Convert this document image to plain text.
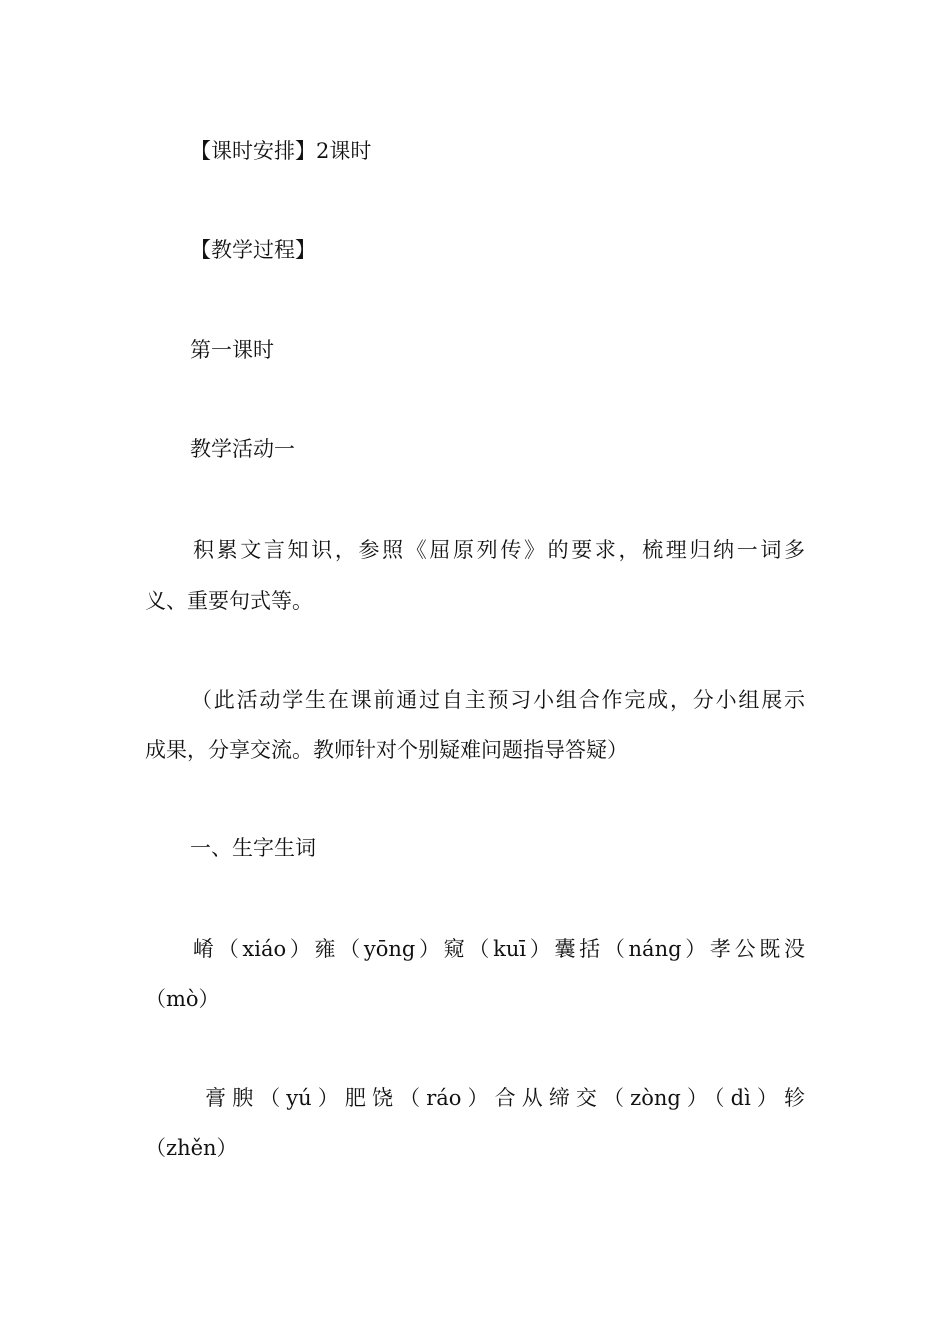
【课时安排】2课时
【教学过程】
第一课时
教学活动一
积累文言知识，参照《屈原列传》的要求，梳理归纳一词多
义、重要句式等。
（此活动学生在课前通过自主预习小组合作完成，分小组展示
成果，分享交流。教师针对个别疑难问题指导答疑）
一、生字生词
崤（xiáo）雍（yōng）窥（kuī）囊括（náng）孝公既没
（mò）
膏腴（yú）肥饶（ráo）合从缔交（zòng）（dì）轸
（zhěn）
